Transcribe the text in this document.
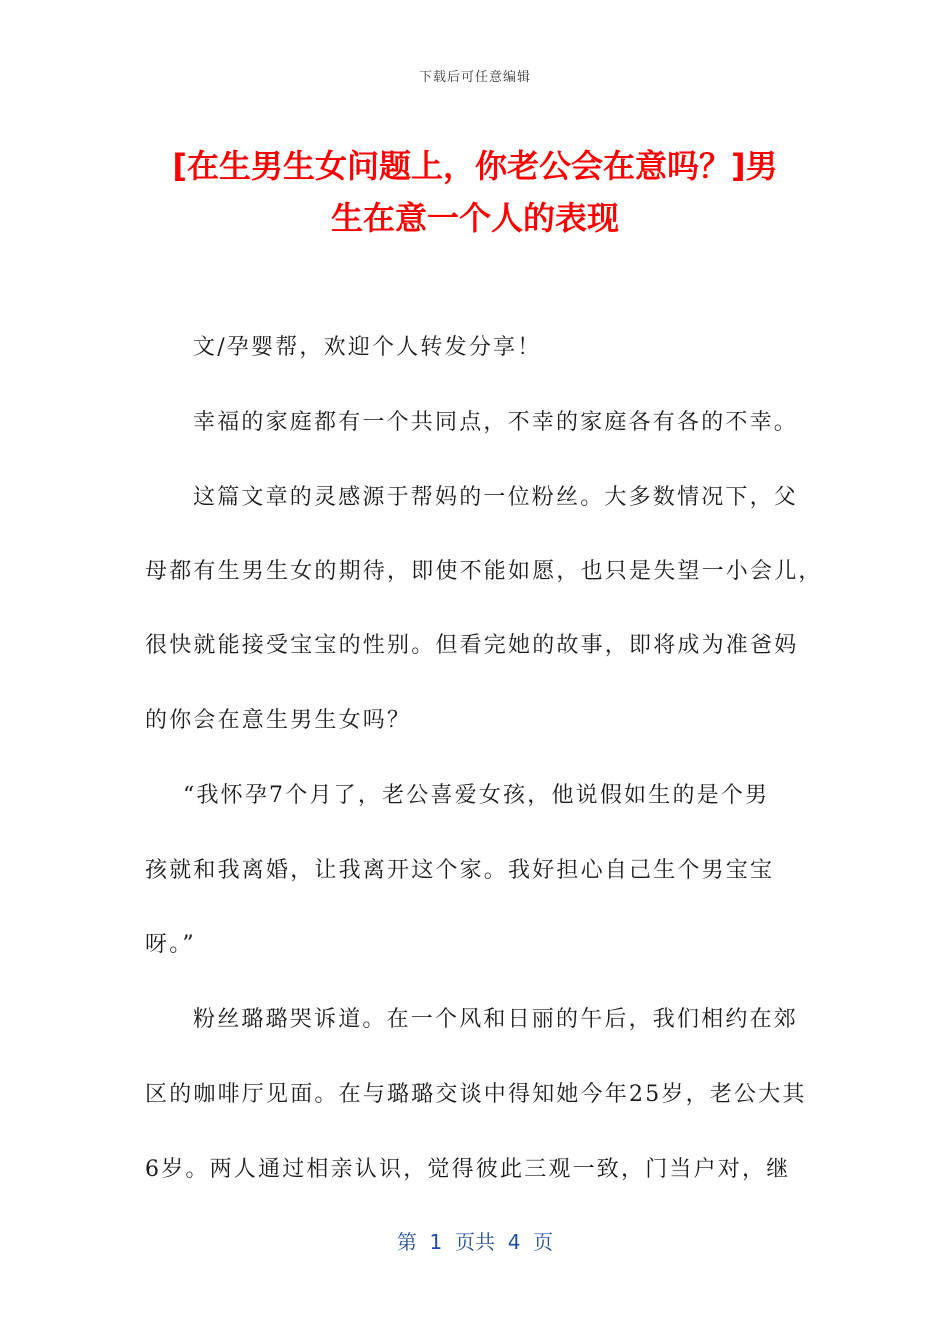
下载后可任意编辑
[在生男生女问题上，你老公会在意吗？]男
生在意一个人的表现
文/孕婴帮，欢迎个人转发分享！
幸福的家庭都有一个共同点，不幸的家庭各有各的不幸。
这篇文章的灵感源于帮妈的一位粉丝。大多数情况下，父
母都有生男生女的期待，即使不能如愿，也只是失望一小会儿，
很快就能接受宝宝的性别。但看完她的故事，即将成为准爸妈
的你会在意生男生女吗？
“我怀孕7个月了，老公喜爱女孩，他说假如生的是个男
孩就和我离婚，让我离开这个家。我好担心自己生个男宝宝
呀。”
粉丝璐璐哭诉道。在一个风和日丽的午后，我们相约在郊
区的咖啡厅见面。在与璐璐交谈中得知她今年25岁，老公大其
6岁。两人通过相亲认识，觉得彼此三观一致，门当户对，继
第  1  页共  4  页
